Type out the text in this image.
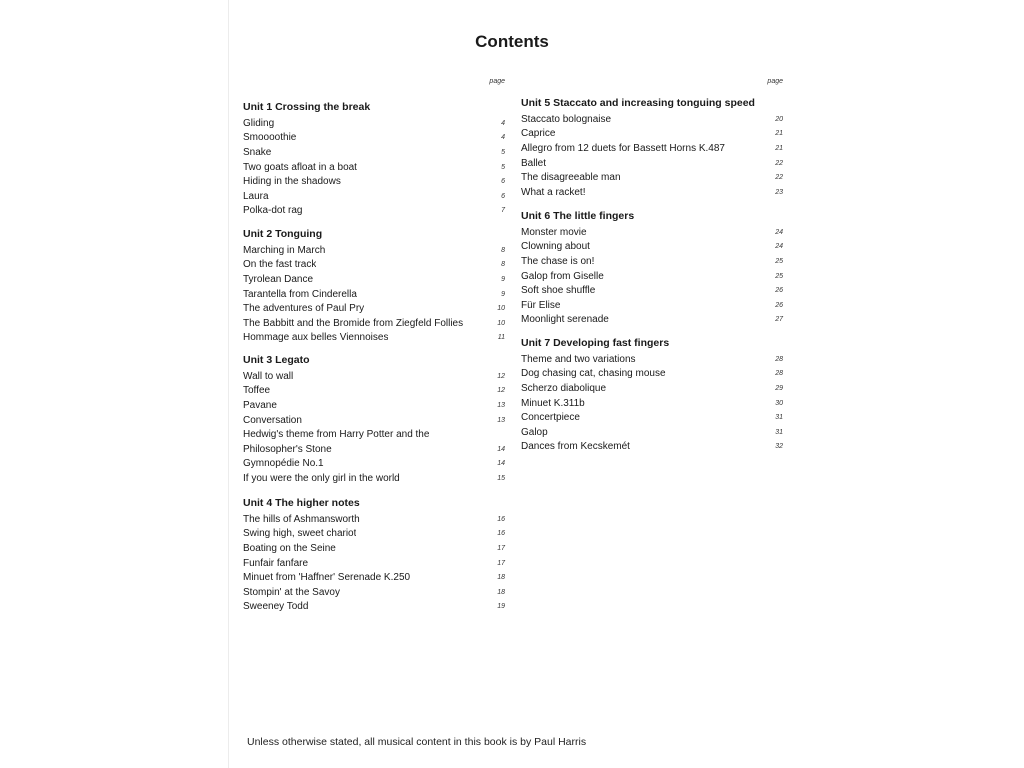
Contents
page
Unit 1 Crossing the break
Gliding	4
Smoooothie	4
Snake	5
Two goats afloat in a boat	5
Hiding in the shadows	6
Laura	6
Polka-dot rag	7
Unit 2 Tonguing
Marching in March	8
On the fast track	8
Tyrolean Dance	9
Tarantella from Cinderella	9
The adventures of Paul Pry	10
The Babbitt and the Bromide from Ziegfeld Follies	10
Hommage aux belles Viennoises	11
Unit 3 Legato
Wall to wall	12
Toffee	12
Pavane	13
Conversation	13
Hedwig's theme from Harry Potter and the
Philosopher's Stone	14
Gymnopédie No.1	14
If you were the only girl in the world	15
Unit 4 The higher notes
The hills of Ashmansworth	16
Swing high, sweet chariot	16
Boating on the Seine	17
Funfair fanfare	17
Minuet from 'Haffner' Serenade K.250	18
Stompin' at the Savoy	18
Sweeney Todd	19
page
Unit 5 Staccato and increasing tonguing speed
Staccato bolognaise	20
Caprice	21
Allegro from 12 duets for Bassett Horns K.487	21
Ballet	22
The disagreeable man	22
What a racket!	23
Unit 6 The little fingers
Monster movie	24
Clowning about	24
The chase is on!	25
Galop from Giselle	25
Soft shoe shuffle	26
Für Elise	26
Moonlight serenade	27
Unit 7 Developing fast fingers
Theme and two variations	28
Dog chasing cat, chasing mouse	28
Scherzo diabolique	29
Minuet K.311b	30
Concertpiece	31
Galop	31
Dances from Kecskemét	32
Unless otherwise stated, all musical content in this book is by Paul Harris
